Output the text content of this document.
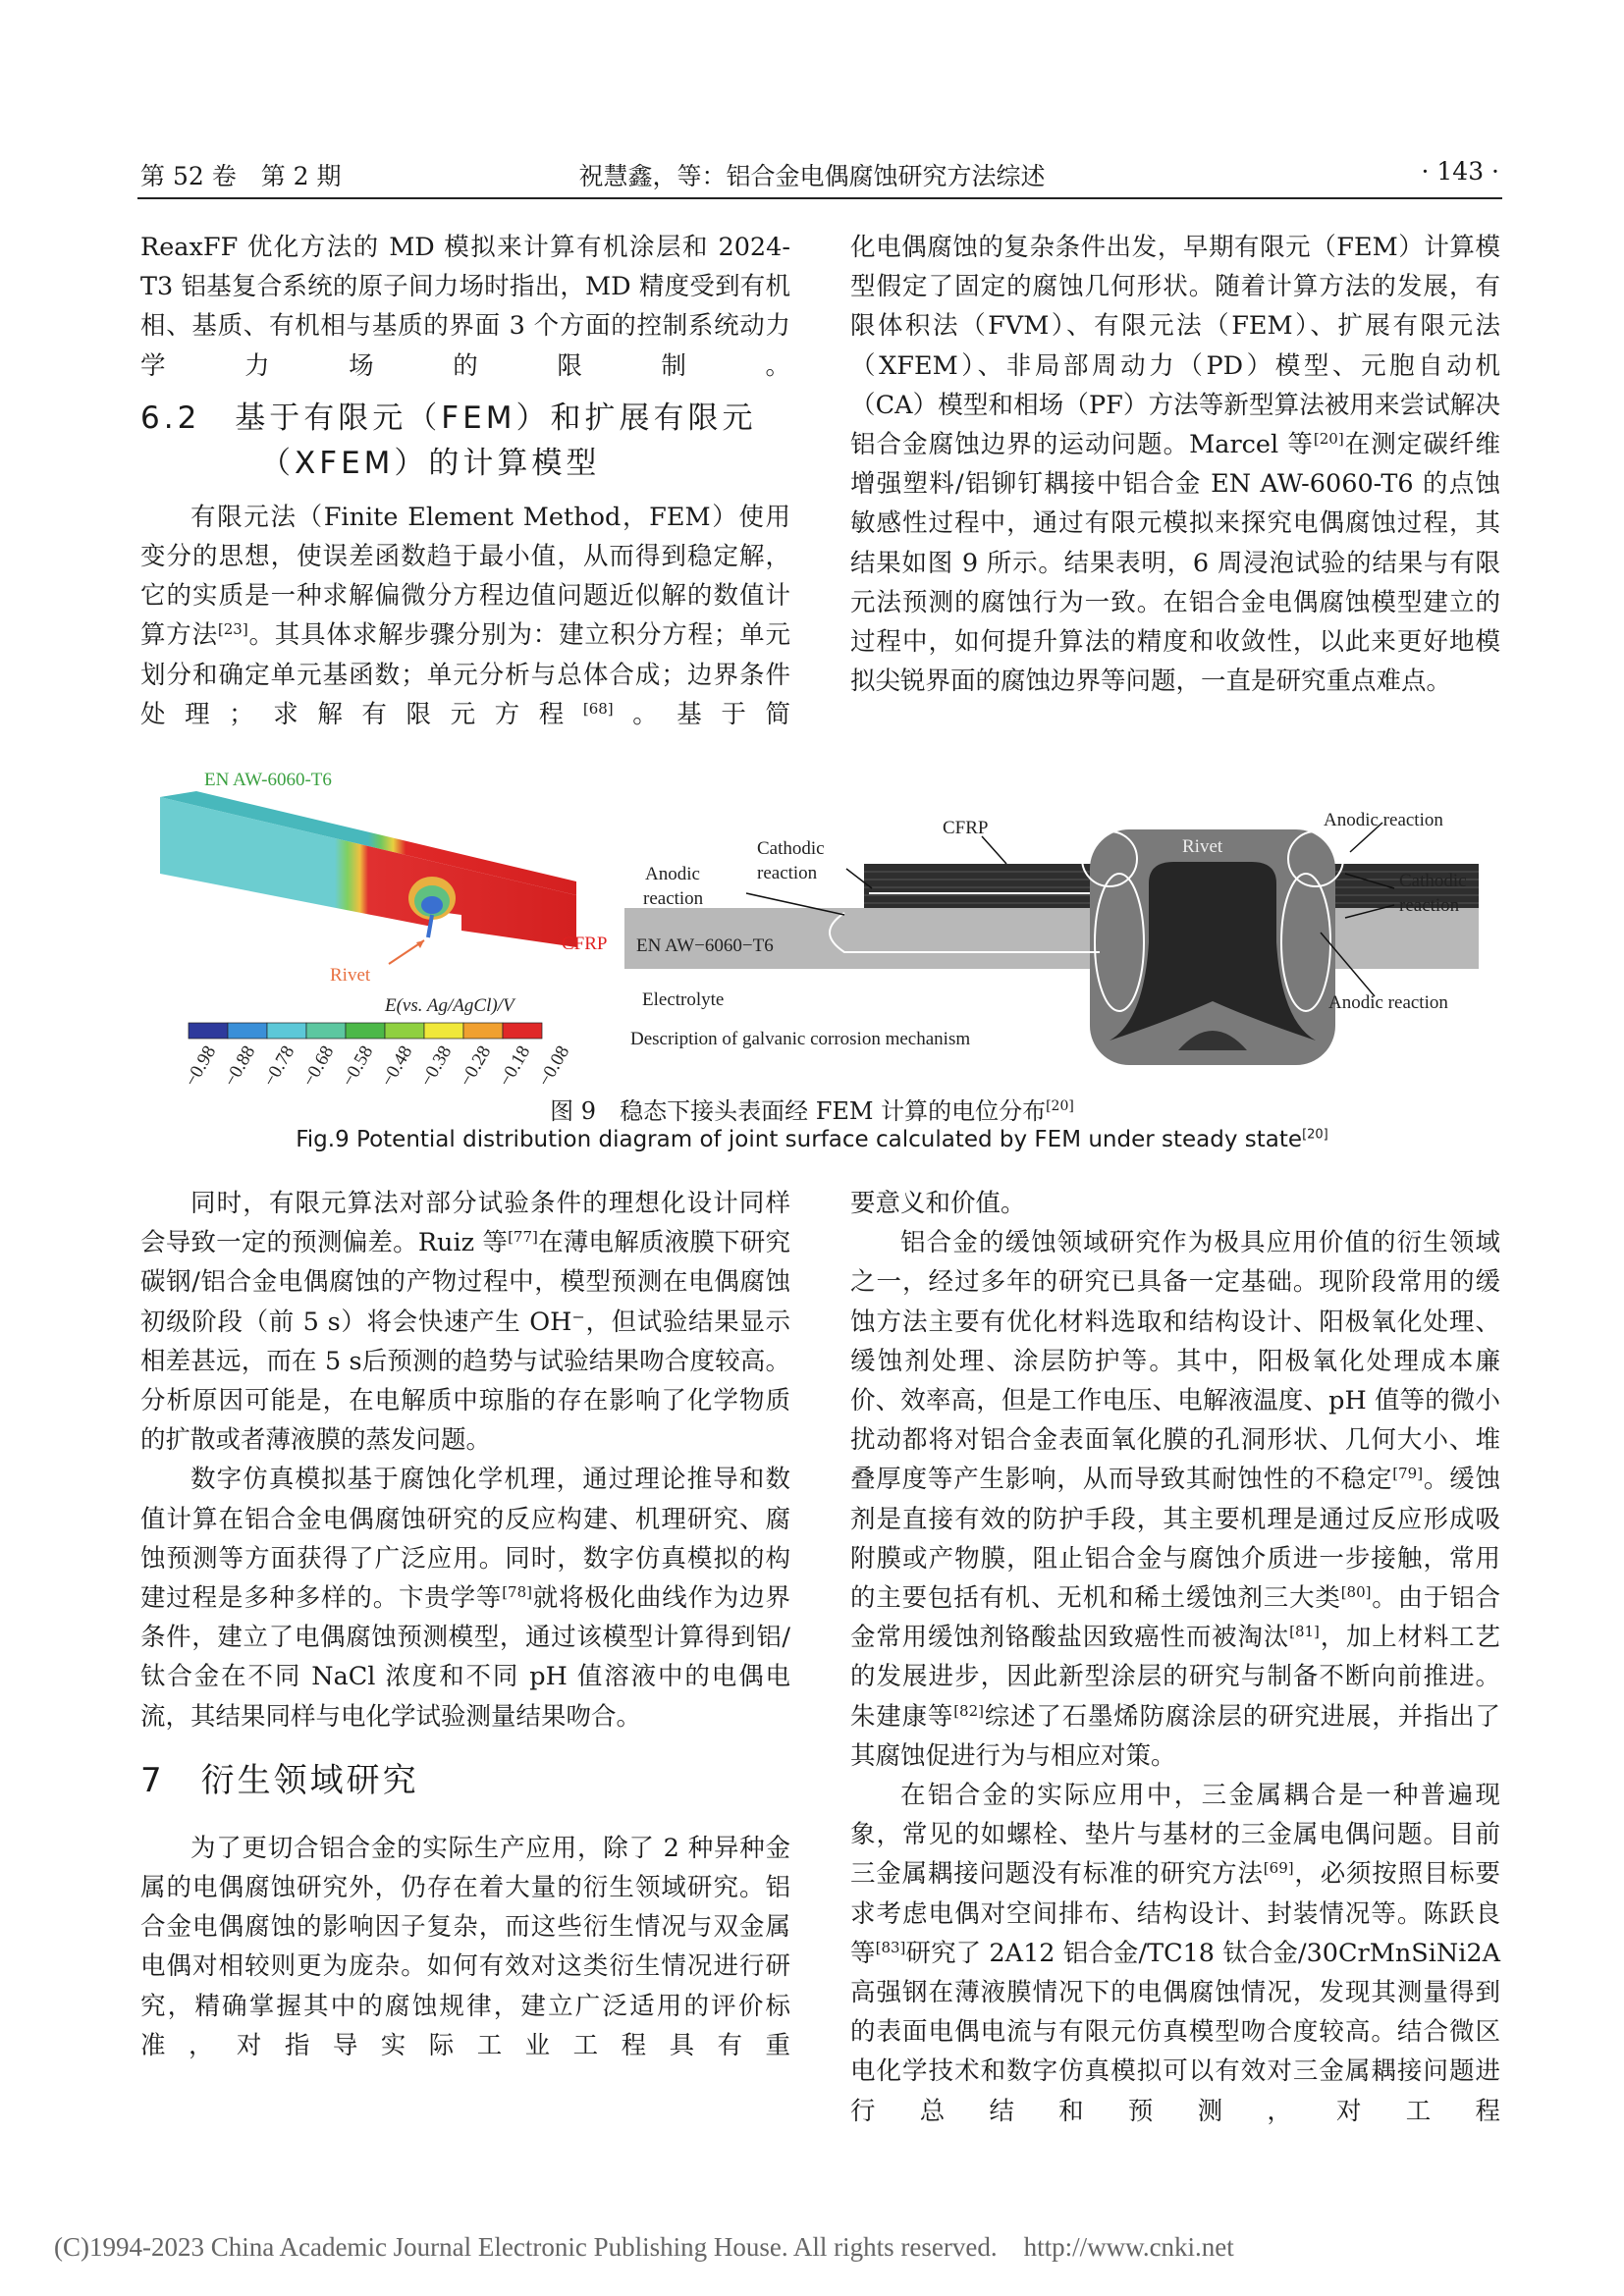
第 52 卷　第 2 期	祝慧鑫，等：铝合金电偶腐蚀研究方法综述	· 143 ·

ReaxFF 优化方法的 MD 模拟来计算有机涂层和 2024-T3 铝基复合系统的原子间力场时指出，MD 精度受到有机相、基质、有机相与基质的界面 3 个方面的控制系统动力学力场的限制。

6.2　基于有限元（FEM）和扩展有限元
（XFEM）的计算模型

有限元法（Finite Element Method，FEM）使用变分的思想，使误差函数趋于最小值，从而得到稳定解，它的实质是一种求解偏微分方程边值问题近似解的数值计算方法[23]。其具体求解步骤分别为：建立积分方程；单元划分和确定单元基函数；单元分析与总体合成；边界条件处理；求解有限元方程[68]。基于简

化电偶腐蚀的复杂条件出发，早期有限元（FEM）计算模型假定了固定的腐蚀几何形状。随着计算方法的发展，有限体积法（FVM）、有限元法（FEM）、扩展有限元法（XFEM）、非局部周动力（PD）模型、元胞自动机（CA）模型和相场（PF）方法等新型算法被用来尝试解决铝合金腐蚀边界的运动问题。Marcel 等[20]在测定碳纤维增强塑料/铝铆钉耦接中铝合金 EN AW-6060-T6 的点蚀敏感性过程中，通过有限元模拟来探究电偶腐蚀过程，其结果如图 9 所示。结果表明，6 周浸泡试验的结果与有限元法预测的腐蚀行为一致。在铝合金电偶腐蚀模型建立的过程中，如何提升算法的精度和收敛性，以此来更好地模拟尖锐界面的腐蚀边界等问题，一直是研究重点难点。

EN AW-6060-T6
CFRP
Rivet
E(vs. Ag/AgCl)/V
−0.98 −0.88 −0.78 −0.68 −0.58 −0.48 −0.38 −0.28 −0.18 −0.08
CFRP
Cathodic
reaction
Anodic
reaction
Rivet
Anodic reaction
Cathodic
reaction
EN AW−6060−T6
Electrolyte	Anodic reaction
Description of galvanic corrosion mechanism
图 9　稳态下接头表面经 FEM 计算的电位分布[20]
Fig.9 Potential distribution diagram of joint surface calculated by FEM under steady state[20]

同时，有限元算法对部分试验条件的理想化设计同样会导致一定的预测偏差。Ruiz 等[77]在薄电解质液膜下研究碳钢/铝合金电偶腐蚀的产物过程中，模型预测在电偶腐蚀初级阶段（前 5 s）将会快速产生 OH⁻，但试验结果显示相差甚远，而在 5 s后预测的趋势与试验结果吻合度较高。分析原因可能是，在电解质中琼脂的存在影响了化学物质的扩散或者薄液膜的蒸发问题。

数字仿真模拟基于腐蚀化学机理，通过理论推导和数值计算在铝合金电偶腐蚀研究的反应构建、机理研究、腐蚀预测等方面获得了广泛应用。同时，数字仿真模拟的构建过程是多种多样的。卞贵学等[78]就将极化曲线作为边界条件，建立了电偶腐蚀预测模型，通过该模型计算得到铝/钛合金在不同 NaCl 浓度和不同 pH 值溶液中的电偶电流，其结果同样与电化学试验测量结果吻合。

7　衍生领域研究

为了更切合铝合金的实际生产应用，除了 2 种异种金属的电偶腐蚀研究外，仍存在着大量的衍生领域研究。铝合金电偶腐蚀的影响因子复杂，而这些衍生情况与双金属电偶对相较则更为庞杂。如何有效对这类衍生情况进行研究，精确掌握其中的腐蚀规律，建立广泛适用的评价标准，对指导实际工业工程具有重

要意义和价值。

铝合金的缓蚀领域研究作为极具应用价值的衍生领域之一，经过多年的研究已具备一定基础。现阶段常用的缓蚀方法主要有优化材料选取和结构设计、阳极氧化处理、缓蚀剂处理、涂层防护等。其中，阳极氧化处理成本廉价、效率高，但是工作电压、电解液温度、pH 值等的微小扰动都将对铝合金表面氧化膜的孔洞形状、几何大小、堆叠厚度等产生影响，从而导致其耐蚀性的不稳定[79]。缓蚀剂是直接有效的防护手段，其主要机理是通过反应形成吸附膜或产物膜，阻止铝合金与腐蚀介质进一步接触，常用的主要包括有机、无机和稀土缓蚀剂三大类[80]。由于铝合金常用缓蚀剂铬酸盐因致癌性而被淘汰[81]，加上材料工艺的发展进步，因此新型涂层的研究与制备不断向前推进。朱建康等[82]综述了石墨烯防腐涂层的研究进展，并指出了其腐蚀促进行为与相应对策。

在铝合金的实际应用中，三金属耦合是一种普遍现象，常见的如螺栓、垫片与基材的三金属电偶问题。目前三金属耦接问题没有标准的研究方法[69]，必须按照目标要求考虑电偶对空间排布、结构设计、封装情况等。陈跃良等[83]研究了 2A12 铝合金/TC18 钛合金/30CrMnSiNi2A 高强钢在薄液膜情况下的电偶腐蚀情况，发现其测量得到的表面电偶电流与有限元仿真模型吻合度较高。结合微区电化学技术和数字仿真模拟可以有效对三金属耦接问题进行总结和预测，对工程

(C)1994-2023 China Academic Journal Electronic Publishing House. All rights reserved.    http://www.cnki.net
